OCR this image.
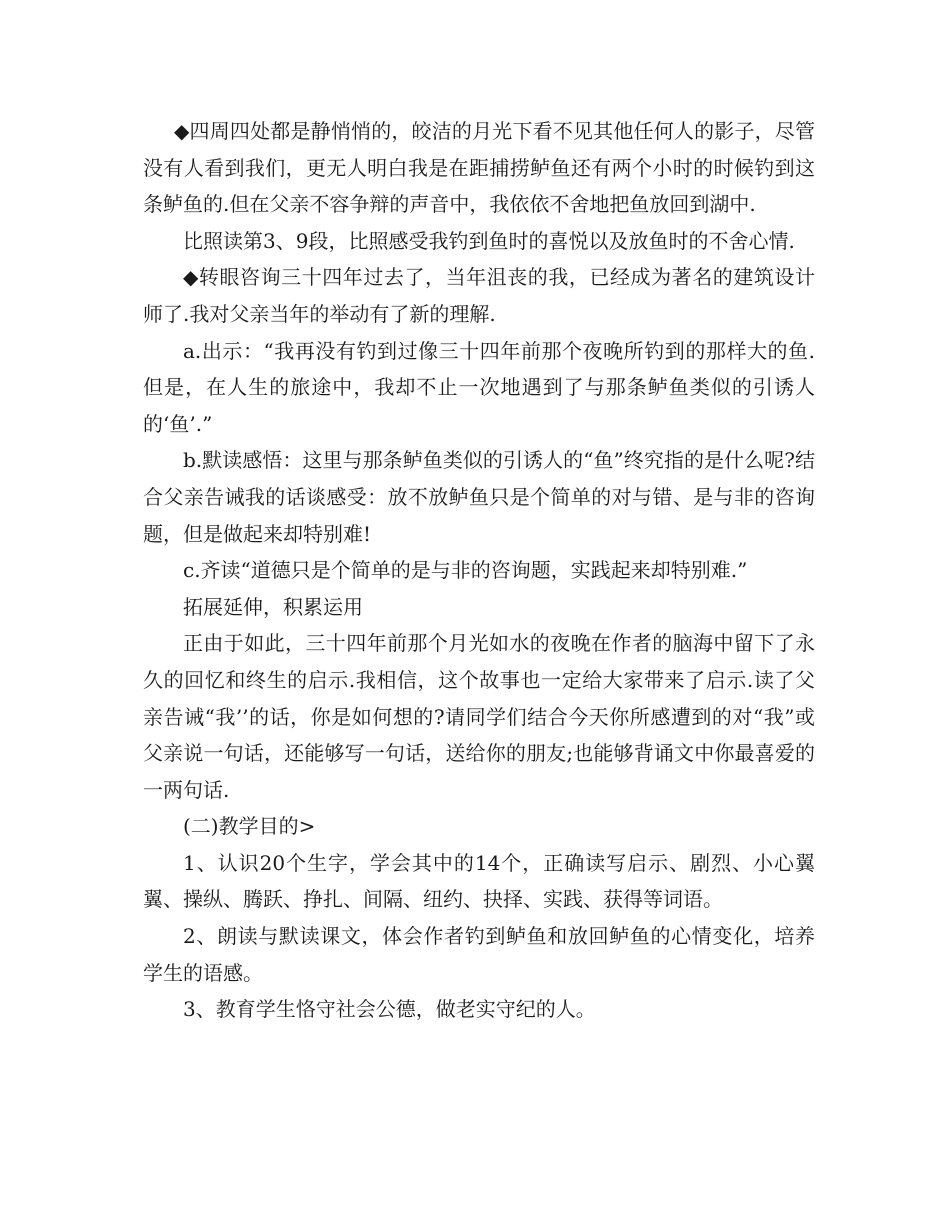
◆四周四处都是静悄悄的，皎洁的月光下看不见其他任何人的影子，尽管没有人看到我们，更无人明白我是在距捕捞鲈鱼还有两个小时的时候钓到这条鲈鱼的.但在父亲不容争辩的声音中，我依依不舍地把鱼放回到湖中.

比照读第3、9段，比照感受我钓到鱼时的喜悦以及放鱼时的不舍心情.

◆转眼咨询三十四年过去了，当年沮丧的我，已经成为著名的建筑设计师了.我对父亲当年的举动有了新的理解.

a.出示：“我再没有钓到过像三十四年前那个夜晚所钓到的那样大的鱼.但是，在人生的旅途中，我却不止一次地遇到了与那条鲈鱼类似的引诱人的‘鱼’.”

b.默读感悟：这里与那条鲈鱼类似的引诱人的“鱼”终究指的是什么呢?结合父亲告诫我的话谈感受：放不放鲈鱼只是个简单的对与错、是与非的咨询题，但是做起来却特别难!

c.齐读“道德只是个简单的是与非的咨询题，实践起来却特别难.”

拓展延伸，积累运用

正由于如此，三十四年前那个月光如水的夜晚在作者的脑海中留下了永久的回忆和终生的启示.我相信，这个故事也一定给大家带来了启示.读了父亲告诫“我’’的话，你是如何想的?请同学们结合今天你所感遭到的对“我”或父亲说一句话，还能够写一句话，送给你的朋友;也能够背诵文中你最喜爱的一两句话.

(二)教学目的>

1、认识20个生字，学会其中的14个，正确读写启示、剧烈、小心翼翼、操纵、腾跃、挣扎、间隔、纽约、抉择、实践、获得等词语。

2、朗读与默读课文，体会作者钓到鲈鱼和放回鲈鱼的心情变化，培养学生的语感。

3、教育学生恪守社会公德，做老实守纪的人。
